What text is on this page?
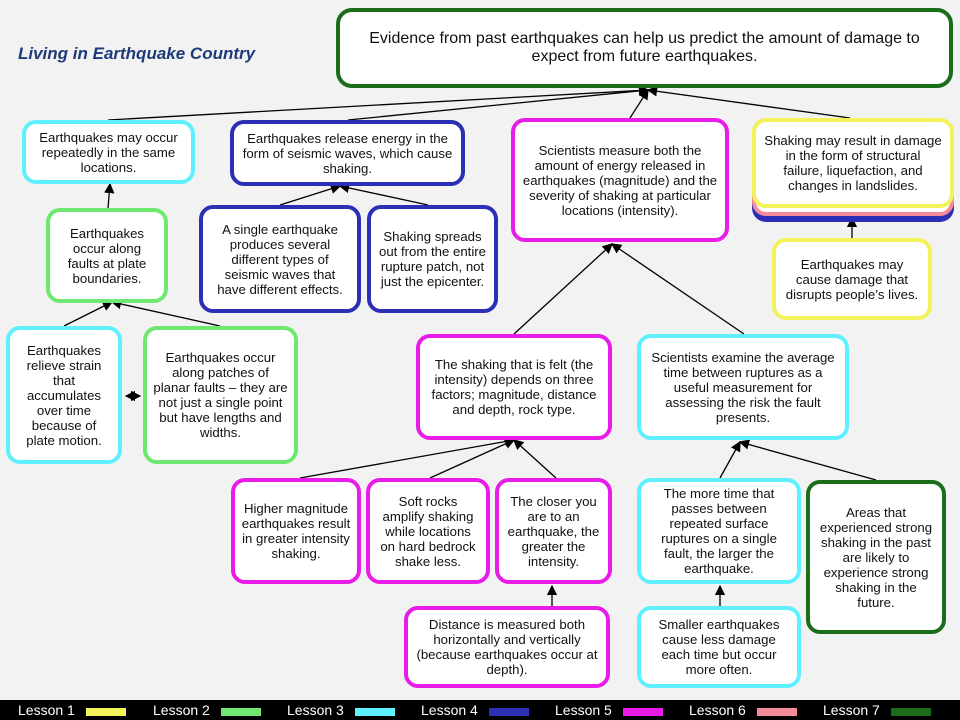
Living in Earthquake Country
Evidence from past earthquakes can help us predict the amount of damage to expect from future earthquakes.
Earthquakes may occur repeatedly in the same locations.
Earthquakes occur along faults at plate boundaries.
Earthquakes relieve strain that accumulates over time because of plate motion.
Earthquakes occur along patches of planar faults – they are not just a single point but have lengths and widths.
Earthquakes release energy in the form of seismic waves, which cause shaking.
A single earthquake produces several different types of seismic waves that have different effects.
Shaking spreads out from the entire rupture patch, not just the epicenter.
Scientists measure both the amount of energy released in earthquakes (magnitude) and the severity of shaking at particular locations (intensity).
Shaking may result in damage in the form of structural failure, liquefaction, and changes in landslides.
Earthquakes may cause damage that disrupts people’s lives.
The shaking that is felt (the intensity) depends on three factors; magnitude, distance and depth, rock type.
Scientists examine the average time between ruptures as a useful measurement for assessing the risk the fault presents.
Higher magnitude earthquakes result in greater intensity shaking.
Soft rocks amplify shaking while locations on hard bedrock shake less.
The closer you are to an earthquake, the greater the intensity.
Distance is measured both horizontally and vertically (because earthquakes occur at depth).
The more time that passes between repeated surface ruptures on a single fault, the larger the earthquake.
Areas that experienced strong shaking in the past are likely to experience strong shaking in the future.
Smaller earthquakes cause less damage each time but occur more often.
Lesson 1	Lesson 2	Lesson 3	Lesson 4	Lesson 5	Lesson 6	Lesson 7
